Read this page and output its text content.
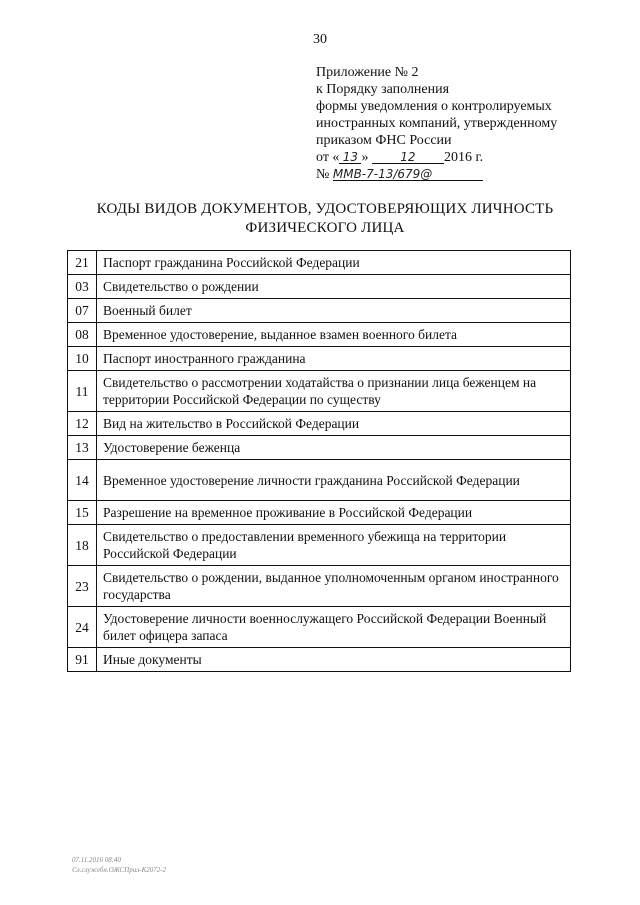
30
Приложение № 2
к Порядку заполнения
формы уведомления о контролируемых
иностранных компаний, утвержденному
приказом ФНС России
от « 13 »	12 2016 г.
№ ММВ-7-13/679@
КОДЫ ВИДОВ ДОКУМЕНТОВ, УДОСТОВЕРЯЮЩИХ ЛИЧНОСТЬ
ФИЗИЧЕСКОГО ЛИЦА
21	Паспорт гражданина Российской Федерации
03	Свидетельство о рождении
07	Военный билет
08	Временное удостоверение, выданное взамен военного билета
10	Паспорт иностранного гражданина
11	Свидетельство о рассмотрении ходатайства о признании лица беженцем на территории Российской Федерации по существу
12	Вид на жительство в Российской Федерации
13	Удостоверение беженца
14	Временное удостоверение личности гражданина Российской Федерации
15	Разрешение на временное проживание в Российской Федерации
18	Свидетельство о предоставлении временного убежища на территории Российской Федерации
23	Свидетельство о рождении, выданное уполномоченным органом иностранного государства
24	Удостоверение личности военнослужащего Российской Федерации Военный билет офицера запаса
91	Иные документы
07.11.2016 08:40
Сл.служебн.ОЖСПрил-К2072-2
